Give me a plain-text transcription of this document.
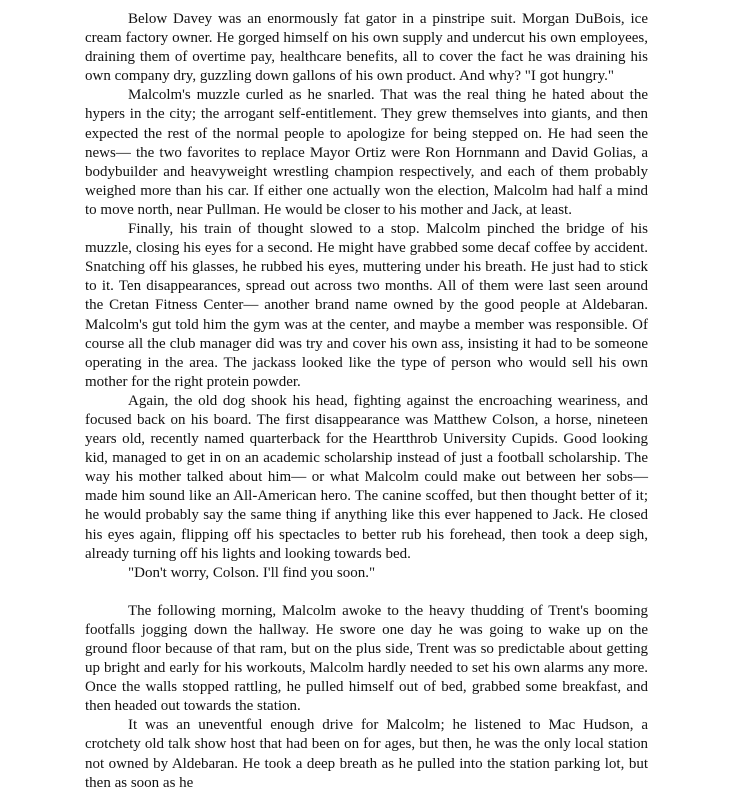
Below Davey was an enormously fat gator in a pinstripe suit. Morgan DuBois, ice cream factory owner. He gorged himself on his own supply and undercut his own employees, draining them of overtime pay, healthcare benefits, all to cover the fact he was draining his own company dry, guzzling down gallons of his own product. And why? "I got hungry."

Malcolm's muzzle curled as he snarled. That was the real thing he hated about the hypers in the city; the arrogant self-entitlement. They grew themselves into giants, and then expected the rest of the normal people to apologize for being stepped on. He had seen the news— the two favorites to replace Mayor Ortiz were Ron Hornmann and David Golias, a bodybuilder and heavyweight wrestling champion respectively, and each of them probably weighed more than his car. If either one actually won the election, Malcolm had half a mind to move north, near Pullman. He would be closer to his mother and Jack, at least.

Finally, his train of thought slowed to a stop. Malcolm pinched the bridge of his muzzle, closing his eyes for a second. He might have grabbed some decaf coffee by accident. Snatching off his glasses, he rubbed his eyes, muttering under his breath. He just had to stick to it. Ten disappearances, spread out across two months. All of them were last seen around the Cretan Fitness Center— another brand name owned by the good people at Aldebaran. Malcolm's gut told him the gym was at the center, and maybe a member was responsible. Of course all the club manager did was try and cover his own ass, insisting it had to be someone operating in the area. The jackass looked like the type of person who would sell his own mother for the right protein powder.

Again, the old dog shook his head, fighting against the encroaching weariness, and focused back on his board. The first disappearance was Matthew Colson, a horse, nineteen years old, recently named quarterback for the Heartthrob University Cupids. Good looking kid, managed to get in on an academic scholarship instead of just a football scholarship. The way his mother talked about him— or what Malcolm could make out between her sobs— made him sound like an All-American hero. The canine scoffed, but then thought better of it; he would probably say the same thing if anything like this ever happened to Jack. He closed his eyes again, flipping off his spectacles to better rub his forehead, then took a deep sigh, already turning off his lights and looking towards bed.

"Don't worry, Colson. I'll find you soon."

The following morning, Malcolm awoke to the heavy thudding of Trent's booming footfalls jogging down the hallway. He swore one day he was going to wake up on the ground floor because of that ram, but on the plus side, Trent was so predictable about getting up bright and early for his workouts, Malcolm hardly needed to set his own alarms any more. Once the walls stopped rattling, he pulled himself out of bed, grabbed some breakfast, and then headed out towards the station.

It was an uneventful enough drive for Malcolm; he listened to Mac Hudson, a crotchety old talk show host that had been on for ages, but then, he was the only local station not owned by Aldebaran. He took a deep breath as he pulled into the station parking lot, but then as soon as he
